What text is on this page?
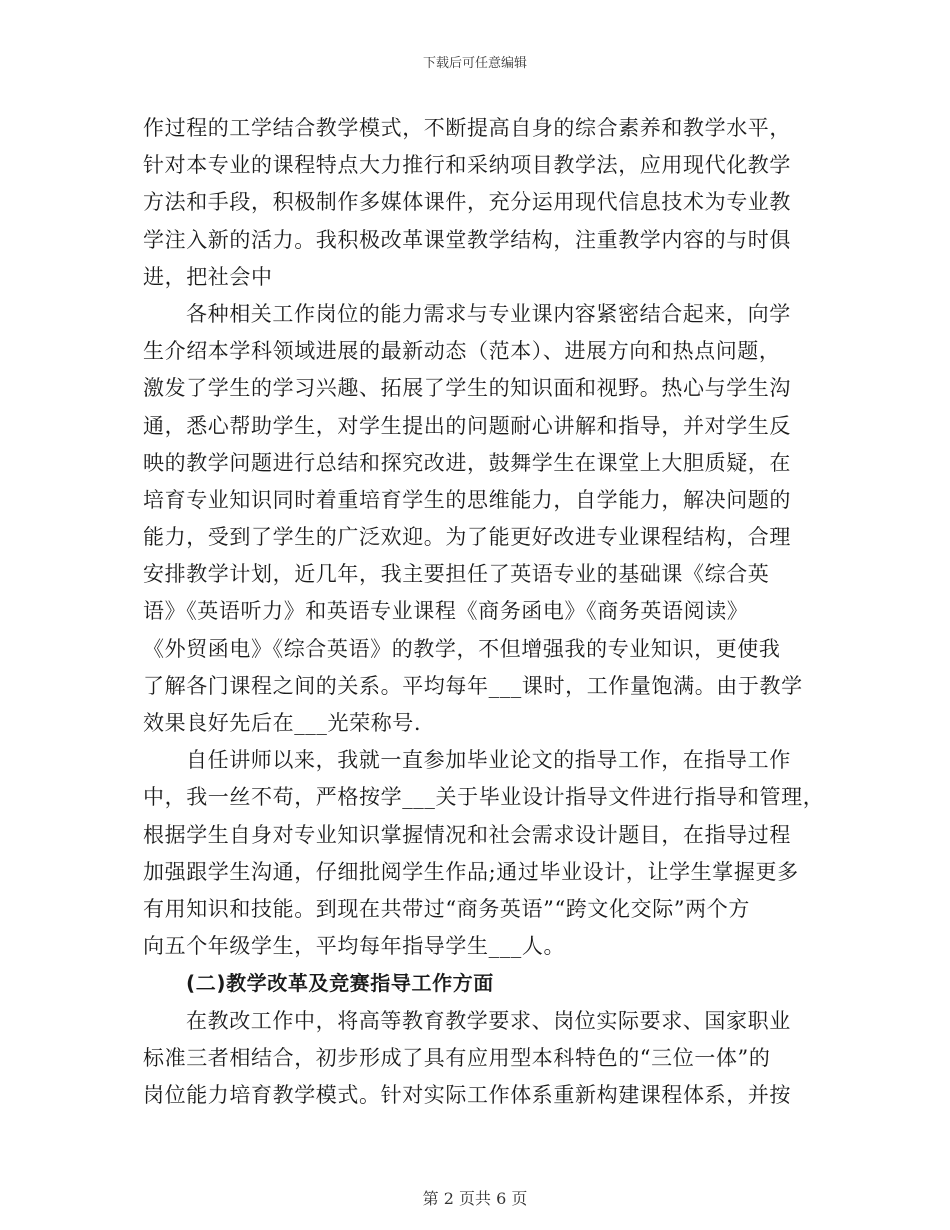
下载后可任意编辑
作过程的工学结合教学模式，不断提高自身的综合素养和教学水平，
针对本专业的课程特点大力推行和采纳项目教学法，应用现代化教学
方法和手段，积极制作多媒体课件，充分运用现代信息技术为专业教
学注入新的活力。我积极改革课堂教学结构，注重教学内容的与时俱
进，把社会中
各种相关工作岗位的能力需求与专业课内容紧密结合起来，向学
生介绍本学科领域进展的最新动态（范本）、进展方向和热点问题，
激发了学生的学习兴趣、拓展了学生的知识面和视野。热心与学生沟
通，悉心帮助学生，对学生提出的问题耐心讲解和指导，并对学生反
映的教学问题进行总结和探究改进，鼓舞学生在课堂上大胆质疑，在
培育专业知识同时着重培育学生的思维能力，自学能力，解决问题的
能力，受到了学生的广泛欢迎。为了能更好改进专业课程结构，合理
安排教学计划，近几年，我主要担任了英语专业的基础课《综合英
语》《英语听力》和英语专业课程《商务函电》《商务英语阅读》
《外贸函电》《综合英语》的教学，不但增强我的专业知识，更使我
了解各门课程之间的关系。平均每年___课时，工作量饱满。由于教学
效果良好先后在___光荣称号.
自任讲师以来，我就一直参加毕业论文的指导工作，在指导工作
中，我一丝不苟，严格按学___关于毕业设计指导文件进行指导和管理，
根据学生自身对专业知识掌握情况和社会需求设计题目，在指导过程
加强跟学生沟通，仔细批阅学生作品;通过毕业设计，让学生掌握更多
有用知识和技能。到现在共带过“商务英语”“跨文化交际”两个方
向五个年级学生，平均每年指导学生___人。
(二)教学改革及竞赛指导工作方面
在教改工作中，将高等教育教学要求、岗位实际要求、国家职业
标准三者相结合，初步形成了具有应用型本科特色的“三位一体”的
岗位能力培育教学模式。针对实际工作体系重新构建课程体系，并按
第 2 页共 6 页
